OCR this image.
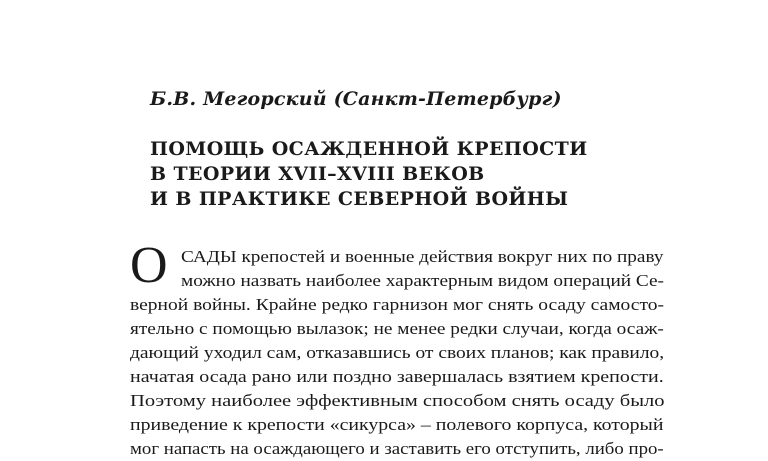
Б.В. Мегорский (Санкт-Петербург)
ПОМОЩЬ ОСАЖДЕННОЙ КРЕПОСТИ
В ТЕОРИИ XVII–XVIII ВЕКОВ
И В ПРАКТИКЕ СЕВЕРНОЙ ВОЙНЫ
О САДЫ крепостей и военные действия вокруг них по праву
можно назвать наиболее характерным видом операций Се-
верной войны. Крайне редко гарнизон мог снять осаду самосто-
ятельно с помощью вылазок; не менее редки случаи, когда осаж-
дающий уходил сам, отказавшись от своих планов; как правило,
начатая осада рано или поздно завершалась взятием крепости.
Поэтому наиболее эффективным способом снять осаду было
приведение к крепости «сикурса» – полевого корпуса, который
мог напасть на осаждающего и заставить его отступить, либо про-
